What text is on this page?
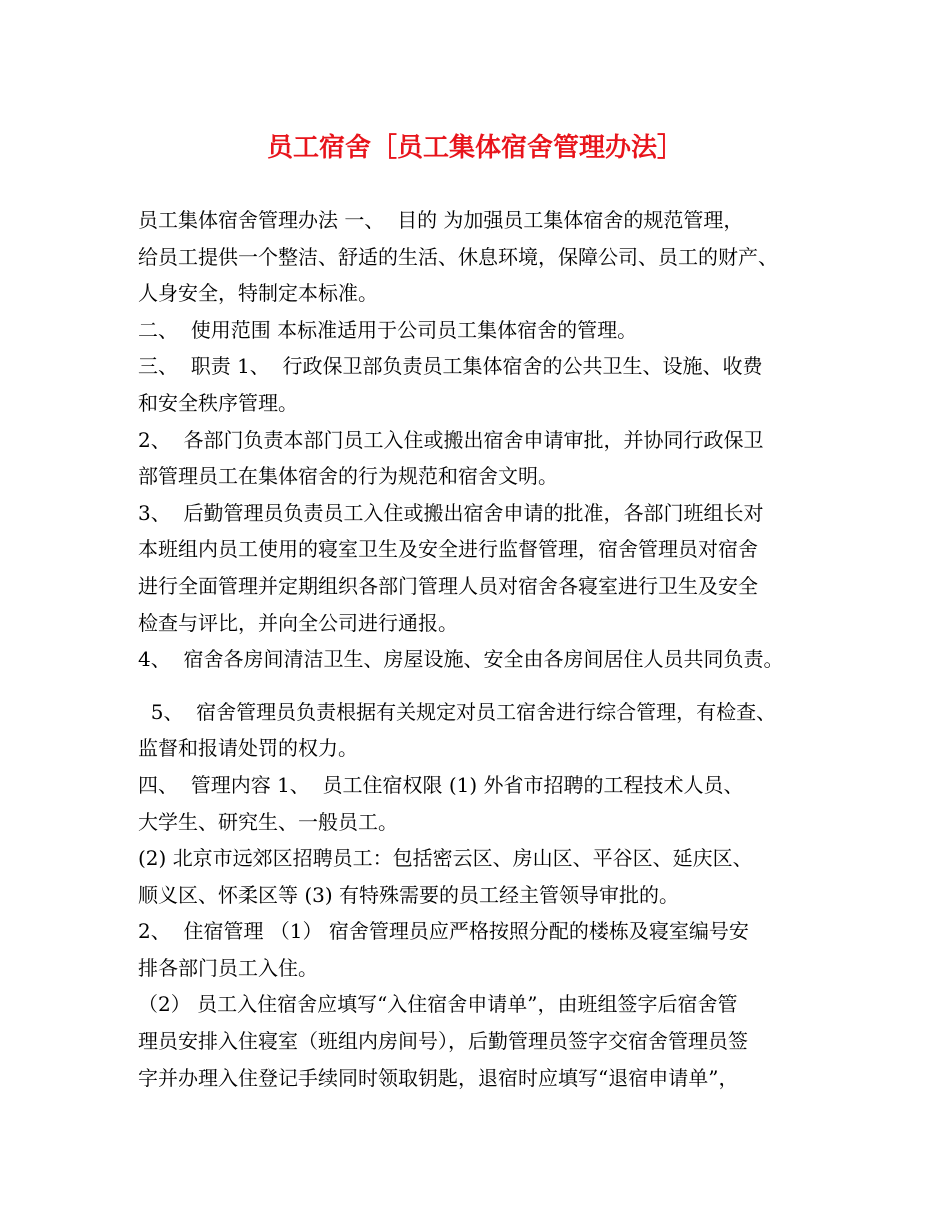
员工宿舍［员工集体宿舍管理办法］
员工集体宿舍管理办法 一、  目的 为加强员工集体宿舍的规范管理，
给员工提供一个整洁、舒适的生活、休息环境，保障公司、员工的财产、
人身安全，特制定本标准。
二、  使用范围 本标准适用于公司员工集体宿舍的管理。
三、  职责 1、  行政保卫部负责员工集体宿舍的公共卫生、设施、收费
和安全秩序管理。
2、  各部门负责本部门员工入住或搬出宿舍申请审批，并协同行政保卫
部管理员工在集体宿舍的行为规范和宿舍文明。
3、  后勤管理员负责员工入住或搬出宿舍申请的批准，各部门班组长对
本班组内员工使用的寝室卫生及安全进行监督管理，宿舍管理员对宿舍
进行全面管理并定期组织各部门管理人员对宿舍各寝室进行卫生及安全
检查与评比，并向全公司进行通报。
4、  宿舍各房间清洁卫生、房屋设施、安全由各房间居住人员共同负责。
5、  宿舍管理员负责根据有关规定对员工宿舍进行综合管理，有检查、
监督和报请处罚的权力。
四、  管理内容 1、  员工住宿权限 (1) 外省市招聘的工程技术人员、
大学生、研究生、一般员工。
(2) 北京市远郊区招聘员工：包括密云区、房山区、平谷区、延庆区、
顺义区、怀柔区等 (3) 有特殊需要的员工经主管领导审批的。
2、  住宿管理 （1） 宿舍管理员应严格按照分配的楼栋及寝室编号安
排各部门员工入住。
（2） 员工入住宿舍应填写“入住宿舍申请单”，由班组签字后宿舍管
理员安排入住寝室（班组内房间号），后勤管理员签字交宿舍管理员签
字并办理入住登记手续同时领取钥匙，退宿时应填写“退宿申请单”，
